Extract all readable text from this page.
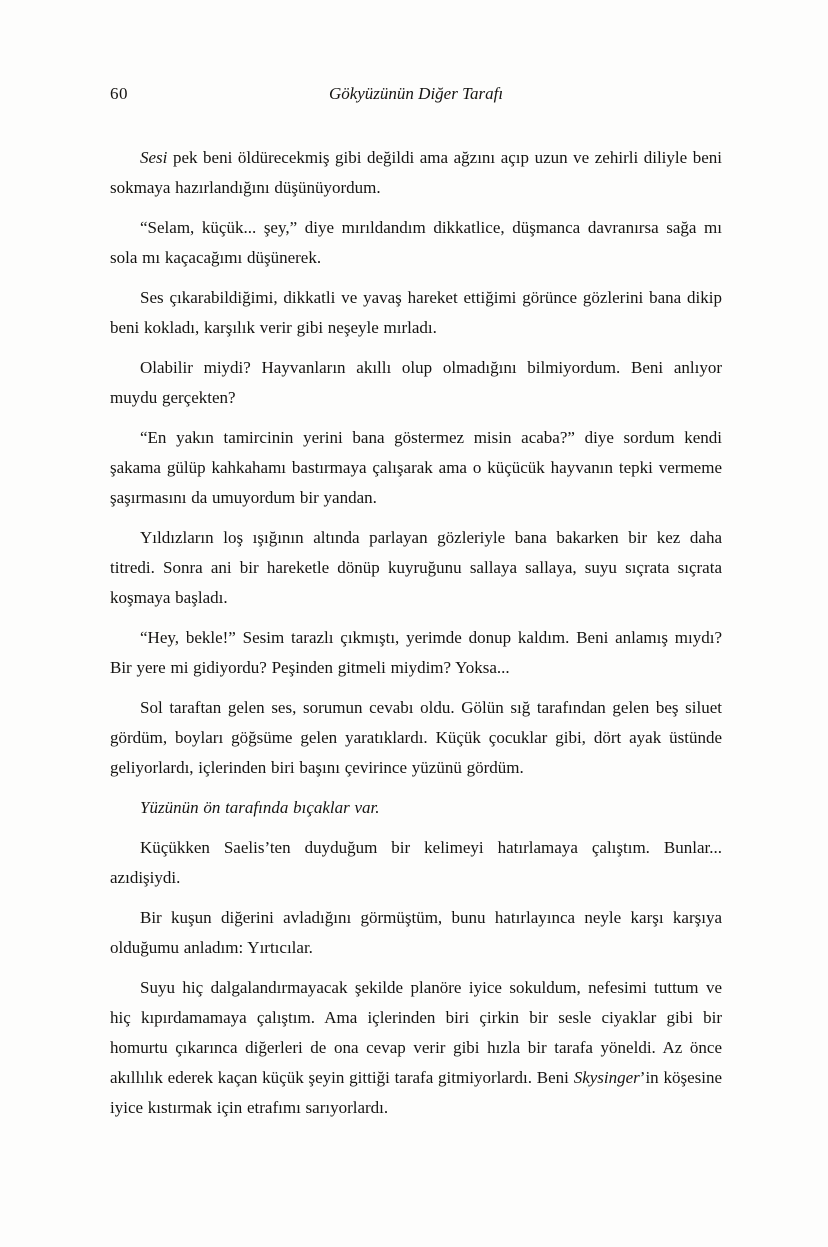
60	Gökyüzünün Diğer Tarafı

Sesi pek beni öldürecekmiş gibi değildi ama ağzını açıp uzun ve zehirli diliyle beni sokmaya hazırlandığını düşünüyordum.

“Selam, küçük... şey,” diye mırıldandım dikkatlice, düşmanca davranırsa sağa mı sola mı kaçacağımı düşünerek.

Ses çıkarabildiğimi, dikkatli ve yavaş hareket ettiğimi görünce gözlerini bana dikip beni kokladı, karşılık verir gibi neşeyle mırladı.

Olabilir miydi? Hayvanların akıllı olup olmadığını bilmiyordum. Beni anlıyor muydu gerçekten?

“En yakın tamircinin yerini bana göstermez misin acaba?” diye sordum kendi şakama gülüp kahkahamı bastırmaya çalışarak ama o küçücük hayvanın tepki vermeme şaşırmasını da umuyordum bir yandan.

Yıldızların loş ışığının altında parlayan gözleriyle bana bakarken bir kez daha titredi. Sonra ani bir hareketle dönüp kuyruğunu sallaya sallaya, suyu sıçrata sıçrata koşmaya başladı.

“Hey, bekle!” Sesim tarazlı çıkmıştı, yerimde donup kaldım. Beni anlamış mıydı? Bir yere mi gidiyordu? Peşinden gitmeli miydim? Yoksa...

Sol taraftan gelen ses, sorumun cevabı oldu. Gölün sığ tarafından gelen beş siluet gördüm, boyları göğsüme gelen yaratıklardı. Küçük çocuklar gibi, dört ayak üstünde geliyorlardı, içlerinden biri başını çevirince yüzünü gördüm.

Yüzünün ön tarafında bıçaklar var.

Küçükken Saelis’ten duyduğum bir kelimeyi hatırlamaya çalıştım. Bunlar... azıdişiydi.

Bir kuşun diğerini avladığını görmüştüm, bunu hatırlayınca neyle karşı karşıya olduğumu anladım: Yırtıcılar.

Suyu hiç dalgalandırmayacak şekilde planöre iyice sokuldum, nefesimi tuttum ve hiç kıpırdamamaya çalıştım. Ama içlerinden biri çirkin bir sesle ciyaklar gibi bir homurtu çıkarınca diğerleri de ona cevap verir gibi hızla bir tarafa yöneldi. Az önce akıllılık ederek kaçan küçük şeyin gittiği tarafa gitmiyorlardı. Beni Skysinger’in köşesine iyice kıstırmak için etrafımı sarıyorlardı.
